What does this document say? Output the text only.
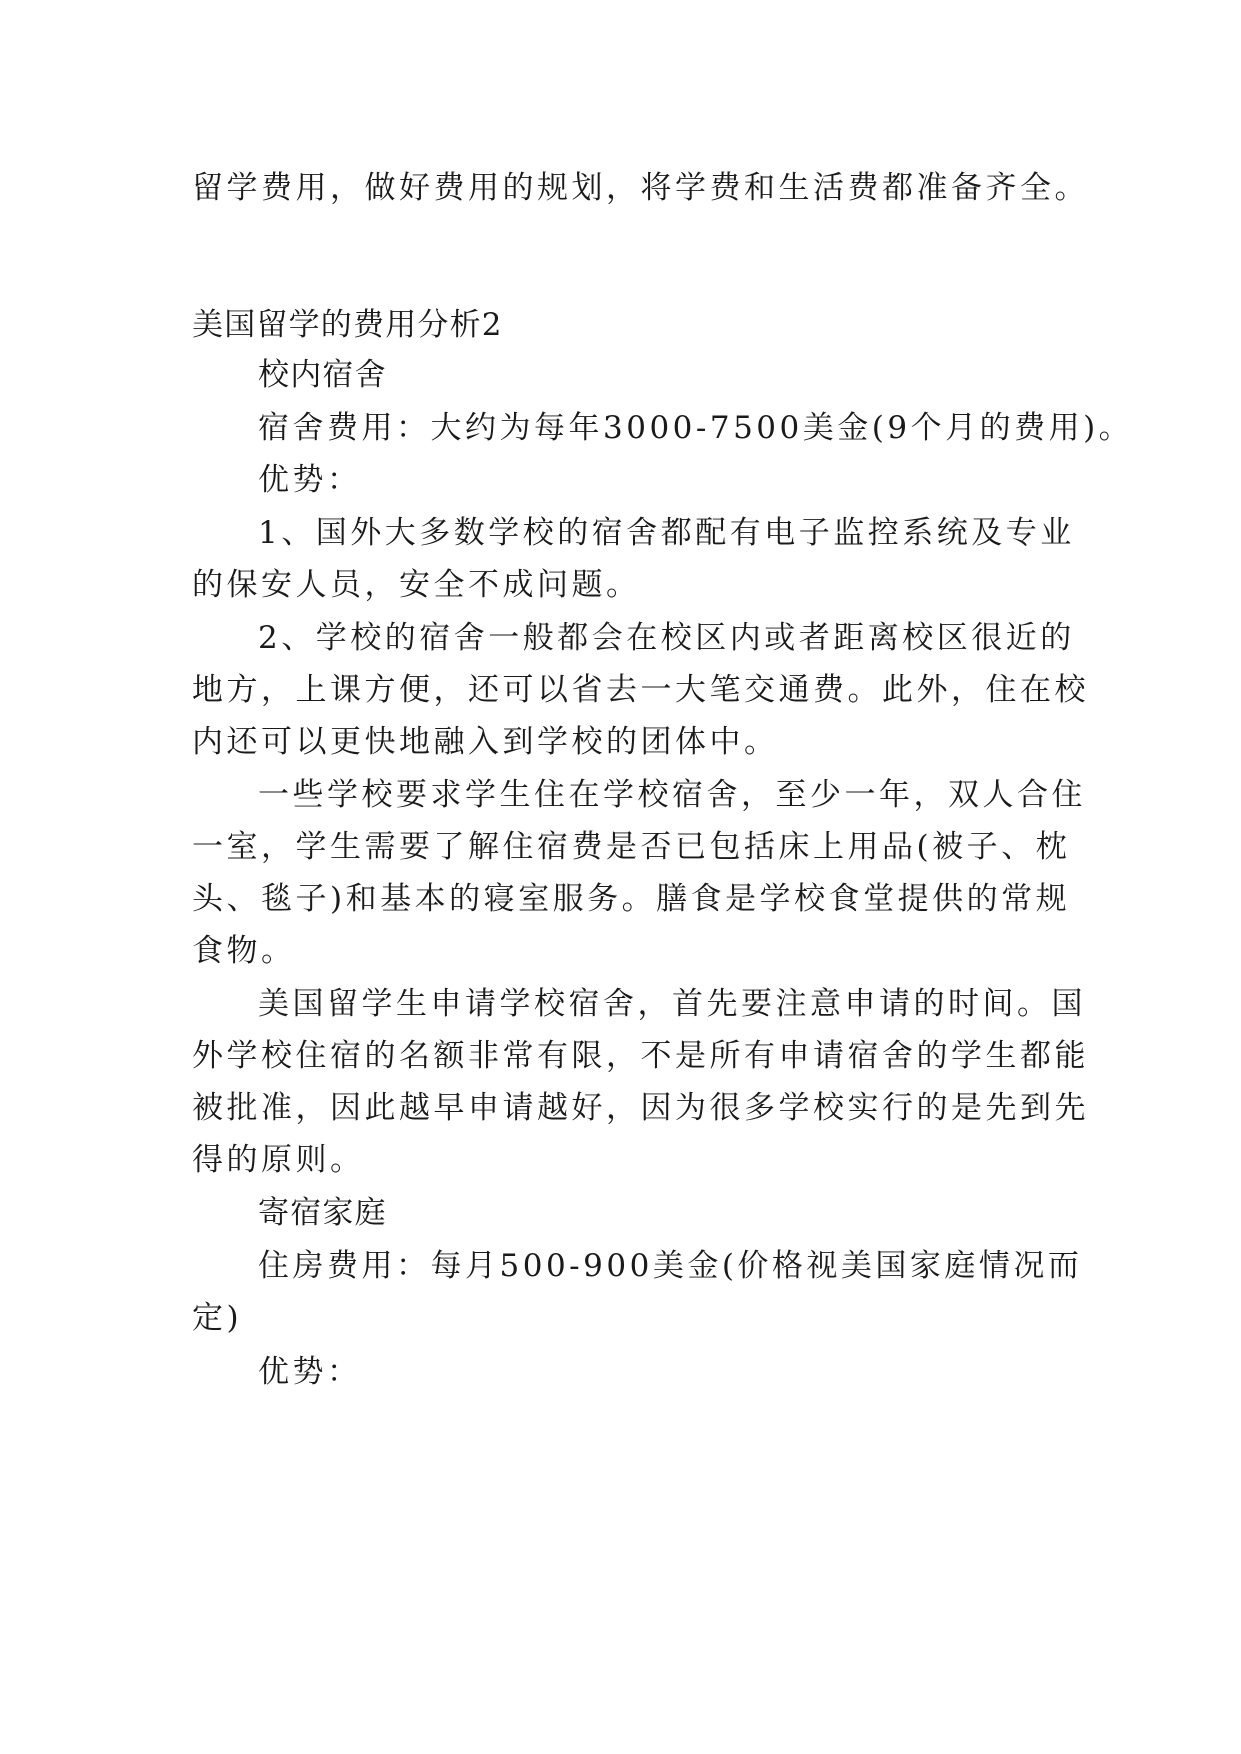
留学费用，做好费用的规划，将学费和生活费都准备齐全。
美国留学的费用分析2
校内宿舍
宿舍费用：大约为每年3000-7500美金(9个月的费用)。
优势：
1、国外大多数学校的宿舍都配有电子监控系统及专业
的保安人员，安全不成问题。
2、学校的宿舍一般都会在校区内或者距离校区很近的
地方，上课方便，还可以省去一大笔交通费。此外，住在校
内还可以更快地融入到学校的团体中。
一些学校要求学生住在学校宿舍，至少一年，双人合住
一室，学生需要了解住宿费是否已包括床上用品(被子、枕
头、毯子)和基本的寝室服务。膳食是学校食堂提供的常规
食物。
美国留学生申请学校宿舍，首先要注意申请的时间。国
外学校住宿的名额非常有限，不是所有申请宿舍的学生都能
被批准，因此越早申请越好，因为很多学校实行的是先到先
得的原则。
寄宿家庭
住房费用：每月500-900美金(价格视美国家庭情况而
定)
优势：
